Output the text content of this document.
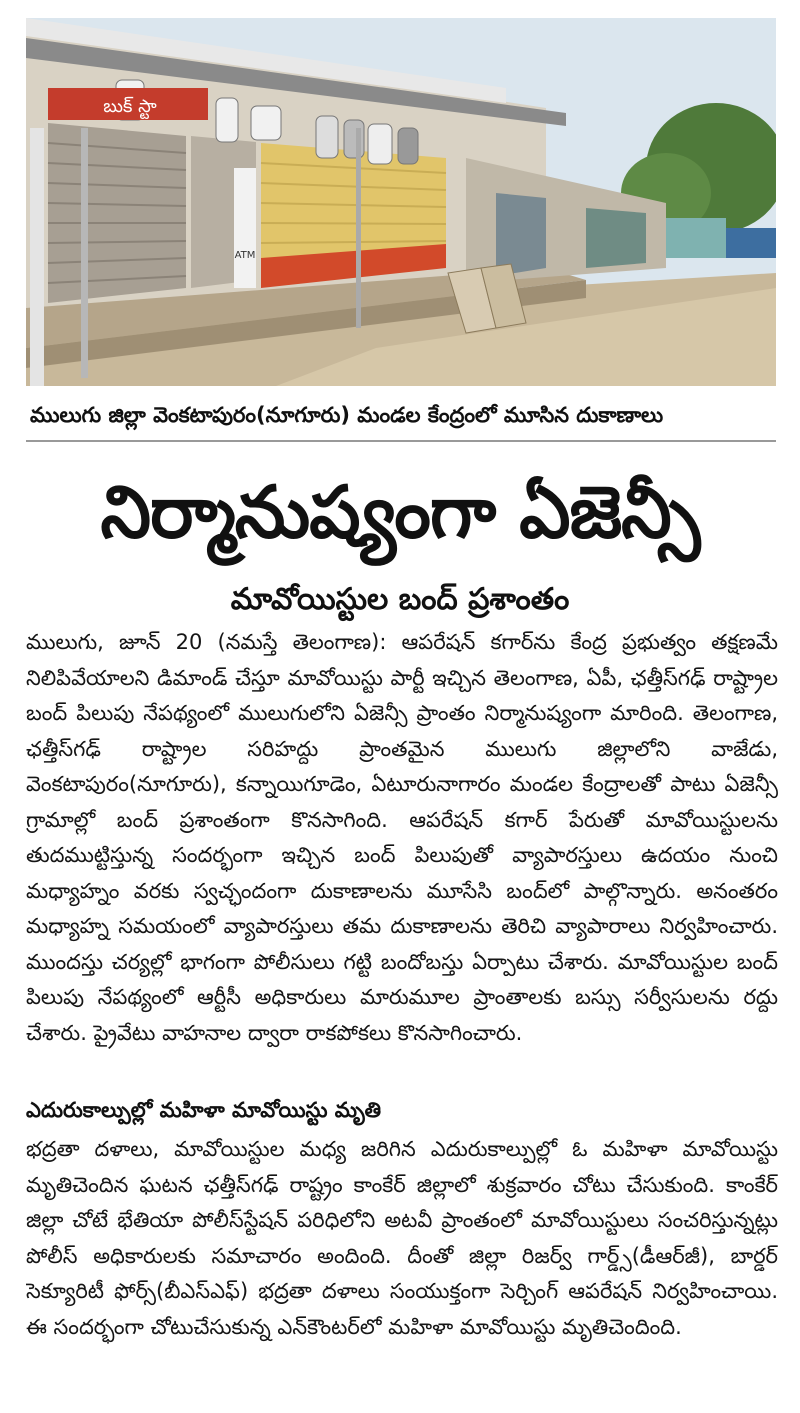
బుక్ స్టా
ATM
ములుగు జిల్లా వెంకటాపురం(నూగూరు) మండల కేంద్రంలో మూసిన దుకాణాలు
నిర్మానుష్యంగా ఏజెన్సీ
మావోయిస్టుల బంద్ ప్రశాంతం

ములుగు, జూన్ 20 (నమస్తే తెలంగాణ): ఆపరేషన్ కగార్‌ను కేంద్ర ప్రభుత్వం తక్షణమే నిలిపివేయాలని డిమాండ్ చేస్తూ మావోయిస్టు పార్టీ ఇచ్చిన తెలంగాణ, ఏపీ, ఛత్తీస్‌గఢ్ రాష్ట్రాల బంద్ పిలుపు నేపథ్యంలో ములుగులోని ఏజెన్సీ ప్రాంతం నిర్మానుష్యంగా మారింది. తెలంగాణ, ఛత్తీస్‌గఢ్ రాష్ట్రాల సరిహద్దు ప్రాంతమైన ములుగు జిల్లాలోని వాజేడు, వెంకటాపురం(నూగూరు), కన్నాయిగూడెం, ఏటూరునాగారం మండల కేంద్రాలతో పాటు ఏజెన్సీ గ్రామాల్లో బంద్ ప్రశాంతంగా కొనసాగింది. ఆపరేషన్ కగార్ పేరుతో మావోయిస్టులను తుదముట్టిస్తున్న సందర్భంగా ఇచ్చిన బంద్ పిలుపుతో వ్యాపారస్తులు ఉదయం నుంచి మధ్యాహ్నం వరకు స్వచ్ఛందంగా దుకాణాలను మూసేసి బంద్‌లో పాల్గొన్నారు. అనంతరం మధ్యాహ్న సమయంలో వ్యాపారస్తులు తమ దుకాణాలను తెరిచి వ్యాపారాలు నిర్వహించారు. ముందస్తు చర్యల్లో భాగంగా పోలీసులు గట్టి బందోబస్తు ఏర్పాటు చేశారు. మావోయిస్టుల బంద్ పిలుపు నేపథ్యంలో ఆర్టీసీ అధికారులు మారుమూల ప్రాంతాలకు బస్సు సర్వీసులను రద్దు చేశారు. ప్రైవేటు వాహనాల ద్వారా రాకపోకలు కొనసాగించారు.

ఎదురుకాల్పుల్లో మహిళా మావోయిస్టు మృతి

భద్రతా దళాలు, మావోయిస్టుల మధ్య జరిగిన ఎదురుకాల్పుల్లో ఓ మహిళా మావోయిస్టు మృతిచెందిన ఘటన ఛత్తీస్‌గఢ్ రాష్ట్రం కాంకేర్ జిల్లాలో శుక్రవారం చోటు చేసుకుంది. కాంకేర్ జిల్లా చోటే భేతియా పోలీస్‌స్టేషన్ పరిధిలోని అటవీ ప్రాంతంలో మావోయిస్టులు సంచరిస్తున్నట్లు పోలీస్ అధికారులకు సమాచారం అందింది. దీంతో జిల్లా రిజర్వ్ గార్డ్స్(డీఆర్‌జీ), బార్డర్ సెక్యూరిటీ ఫోర్స్(బీఎస్‌ఎఫ్) భద్రతా దళాలు సంయుక్తంగా సెర్చింగ్ ఆపరేషన్ నిర్వహించాయి. ఈ సందర్భంగా చోటుచేసుకున్న ఎన్‌కౌంటర్‌లో మహిళా మావోయిస్టు మృతిచెందింది.
